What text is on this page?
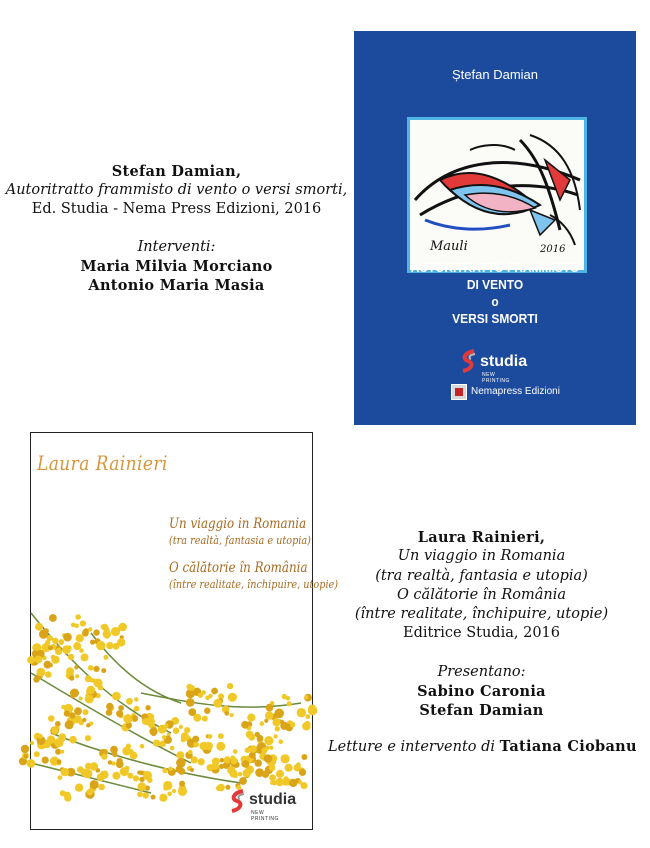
Stefan Damian,
Autoritratto frammisto di vento o versi smorti,
Ed. Studia - Nema Press Edizioni, 2016
Interventi:
Maria Milvia Morciano
Antonio Maria Masia
Ștefan Damian
Mauli	2016
AUTORITRATTO FRAMMISTO
DI VENTO
o
VERSI SMORTI
studia
NEW PRINTING
Nemapress Edizioni
Laura Rainieri
Un viaggio in Romania
(tra realtà, fantasia e utopia)
O călătorie în România
(între realitate, închipuire, utopie)
studia
NEW PRINTING
Laura Rainieri,
Un viaggio in Romania
(tra realtà, fantasia e utopia)
O călătorie în România
(între realitate, închipuire, utopie)
Editrice Studia, 2016
Presentano:
Sabino Caronia
Stefan Damian
Letture e intervento di Tatiana Ciobanu
